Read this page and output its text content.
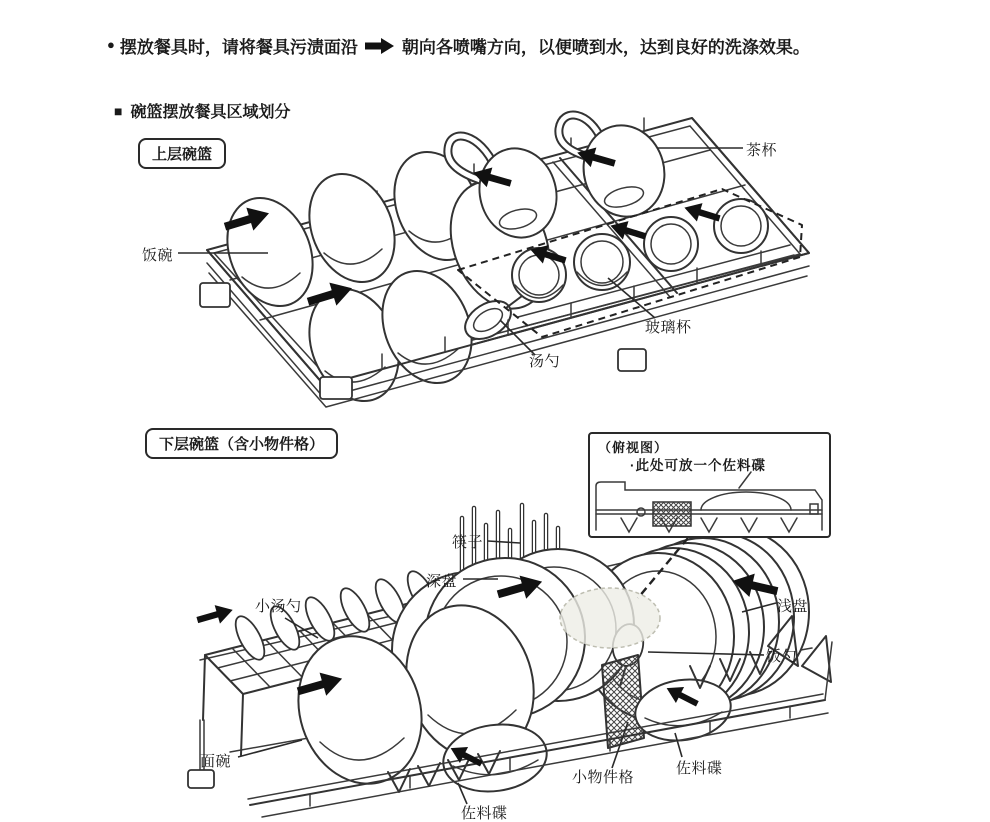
● 摆放餐具时，请将餐具污渍面沿	朝向各喷嘴方向，以便喷到水，达到良好的洗涤效果。
■ 碗篮摆放餐具区域划分
上层碗篮
下层碗篮（含小物件格）	（俯视图）
·此处可放一个佐料碟
饭碗
茶杯
玻璃杯
汤勺
筷子
深盘
小汤勺	浅盘
饭勺
面碗
小物件格
佐料碟
佐料碟
